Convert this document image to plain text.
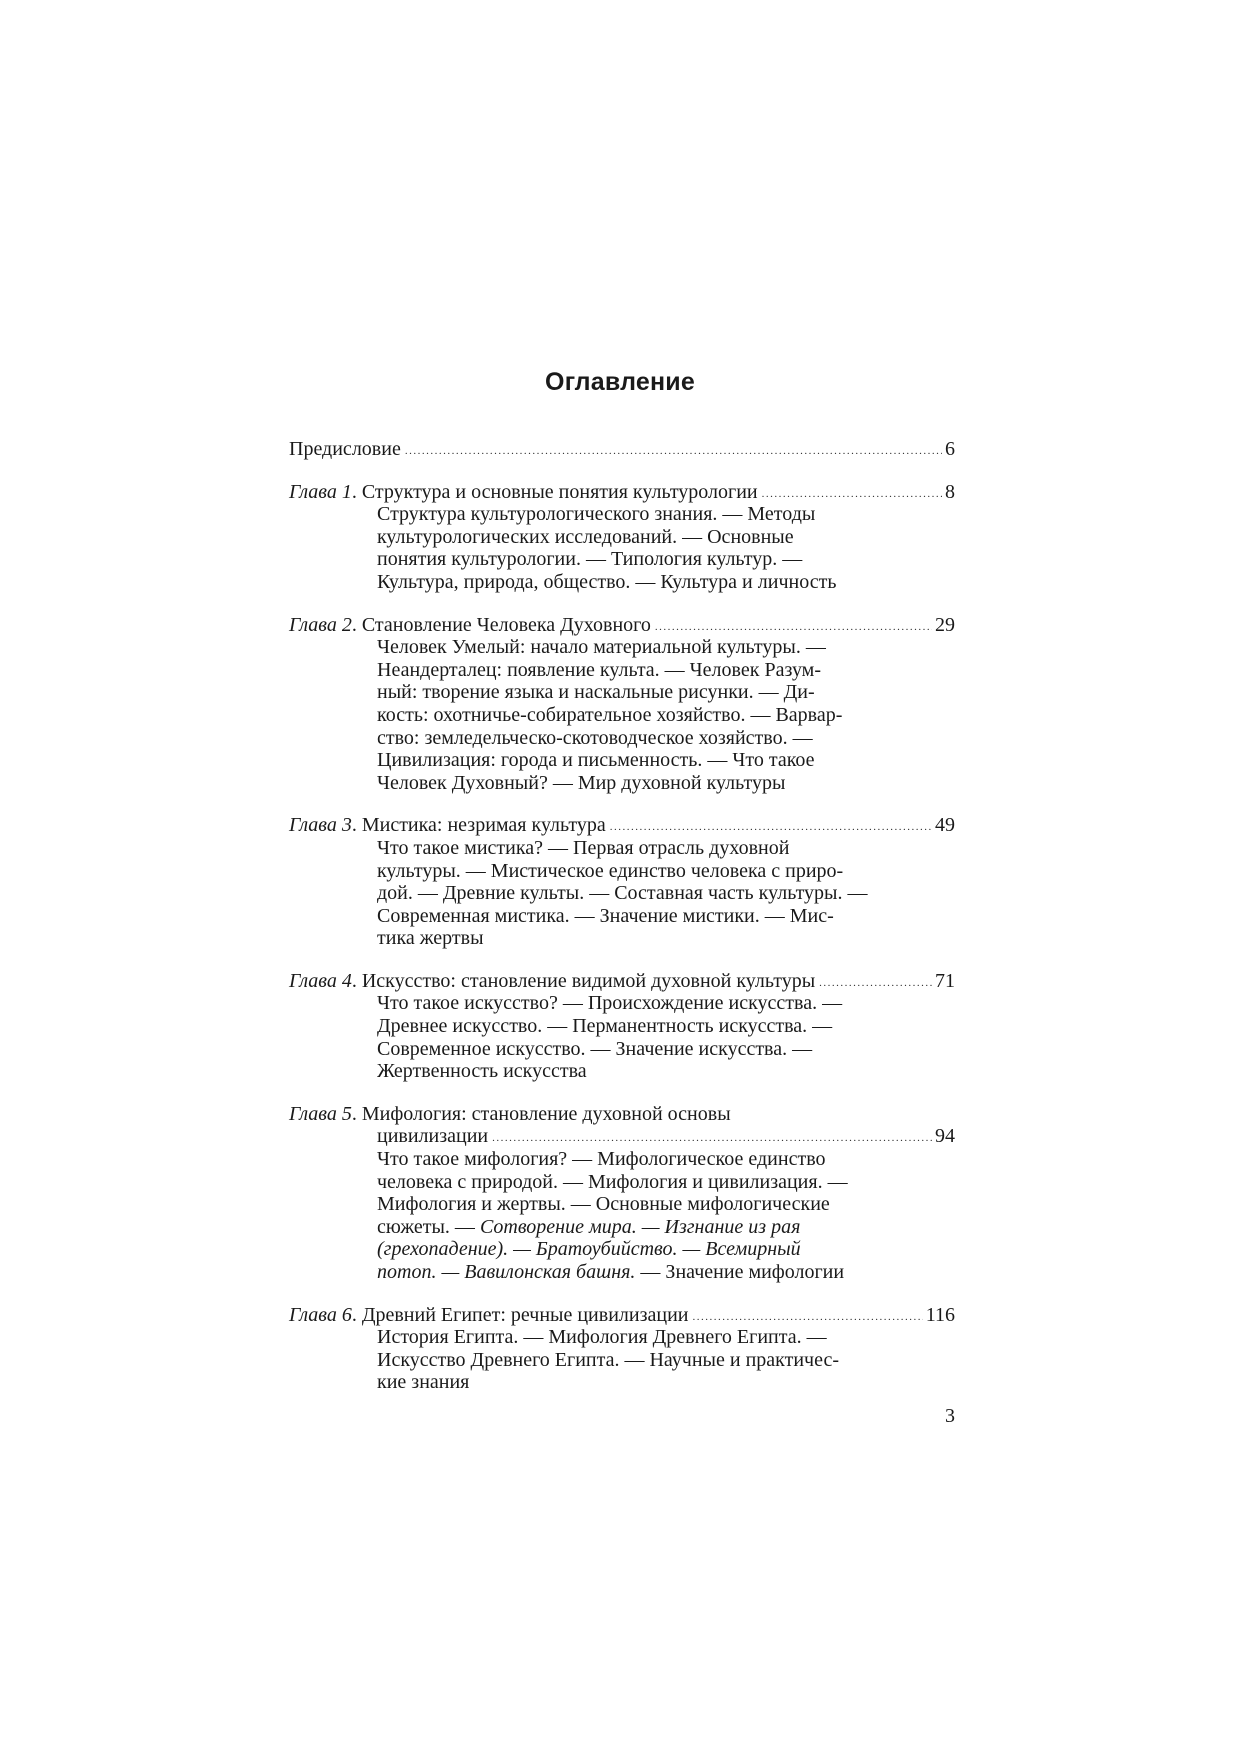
Оглавление
Предисловие .....	6
Глава 1. Структура и основные понятия культурологии .....	8
Структура культурологического знания. — Методы
культурологических исследований. — Основные
понятия культурологии. — Типология культур. —
Культура, природа, общество. — Культура и личность
Глава 2. Становление Человека Духовного .....	29
Человек Умелый: начало материальной культуры. —
Неандерталец: появление культа. — Человек Разум-
ный: творение языка и наскальные рисунки. — Ди-
кость: охотничье-собирательное хозяйство. — Варвар-
ство: земледельческо-скотоводческое хозяйство. —
Цивилизация: города и письменность. — Что такое
Человек Духовный? — Мир духовной культуры
Глава 3. Мистика: незримая культура .....	49
Что такое мистика? — Первая отрасль духовной
культуры. — Мистическое единство человека с приро-
дой. — Древние культы. — Составная часть культуры. —
Современная мистика. — Значение мистики. — Мис-
тика жертвы
Глава 4. Искусство: становление видимой духовной культуры .....	71
Что такое искусство? — Происхождение искусства. —
Древнее искусство. — Перманентность искусства. —
Современное искусство. — Значение искусства. —
Жертвенность искусства
Глава 5. Мифология: становление духовной основы
цивилизации .....	94
Что такое мифология? — Мифологическое единство
человека с природой. — Мифология и цивилизация. —
Мифология и жертвы. — Основные мифологические
сюжеты. — Сотворение мира. — Изгнание из рая
(грехопадение). — Братоубийство. — Всемирный
потоп. — Вавилонская башня. — Значение мифологии
Глава 6. Древний Египет: речные цивилизации .....	116
История Египта. — Мифология Древнего Египта. —
Искусство Древнего Египта. — Научные и практичес-
кие знания
3
